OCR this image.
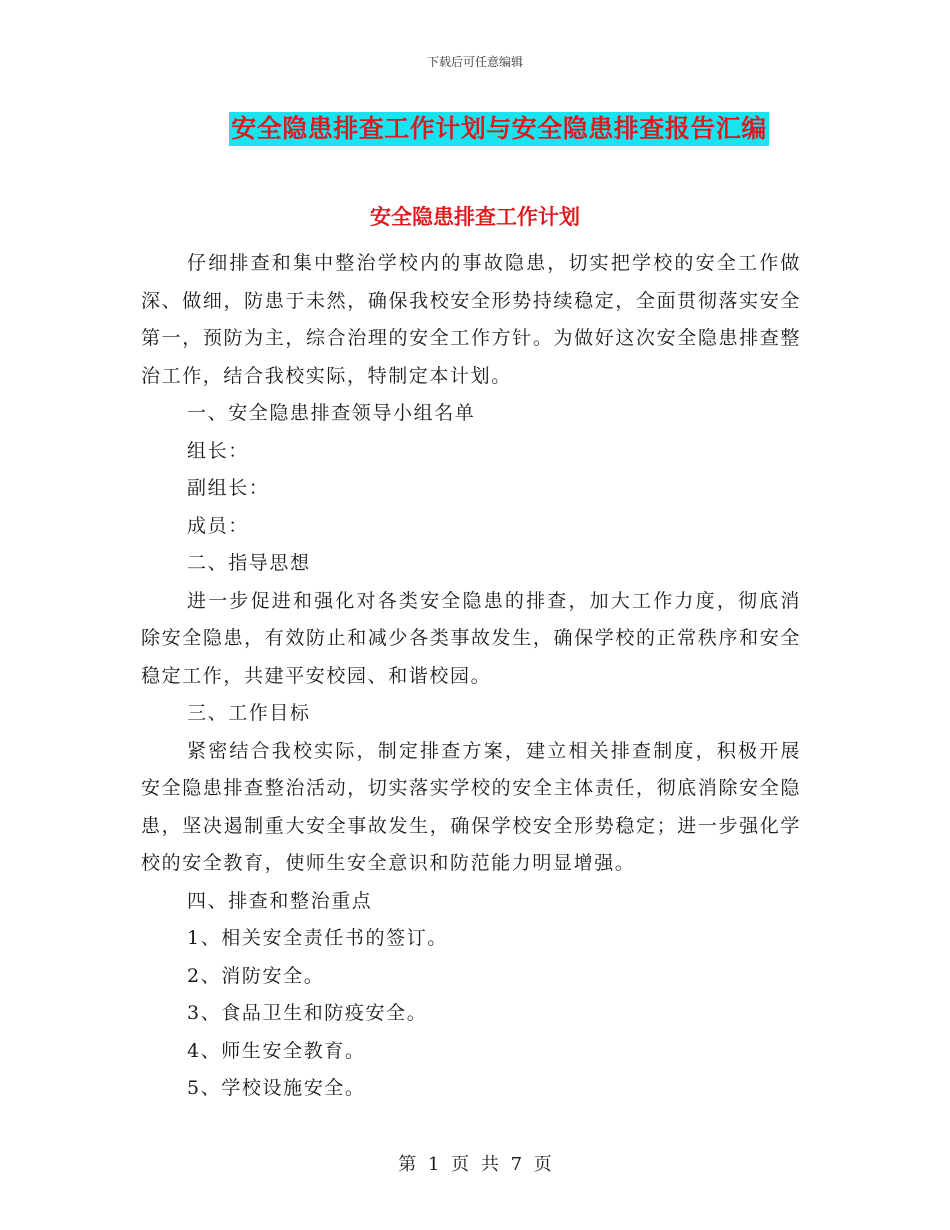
下载后可任意编辑
安全隐患排查工作计划与安全隐患排查报告汇编
安全隐患排查工作计划

仔细排查和集中整治学校内的事故隐患，切实把学校的安全工作做深、做细，防患于未然，确保我校安全形势持续稳定，全面贯彻落实安全第一，预防为主，综合治理的安全工作方针。为做好这次安全隐患排查整治工作，结合我校实际，特制定本计划。

一、安全隐患排查领导小组名单

组长：

副组长：

成员：

二、指导思想

进一步促进和强化对各类安全隐患的排查，加大工作力度，彻底消除安全隐患，有效防止和减少各类事故发生，确保学校的正常秩序和安全稳定工作，共建平安校园、和谐校园。

三、工作目标

紧密结合我校实际，制定排查方案，建立相关排查制度，积极开展安全隐患排查整治活动，切实落实学校的安全主体责任，彻底消除安全隐患，坚决遏制重大安全事故发生，确保学校安全形势稳定；进一步强化学校的安全教育，使师生安全意识和防范能力明显增强。

四、排查和整治重点

1、相关安全责任书的签订。

2、消防安全。

3、食品卫生和防疫安全。

4、师生安全教育。

5、学校设施安全。

第 1 页 共 7 页
